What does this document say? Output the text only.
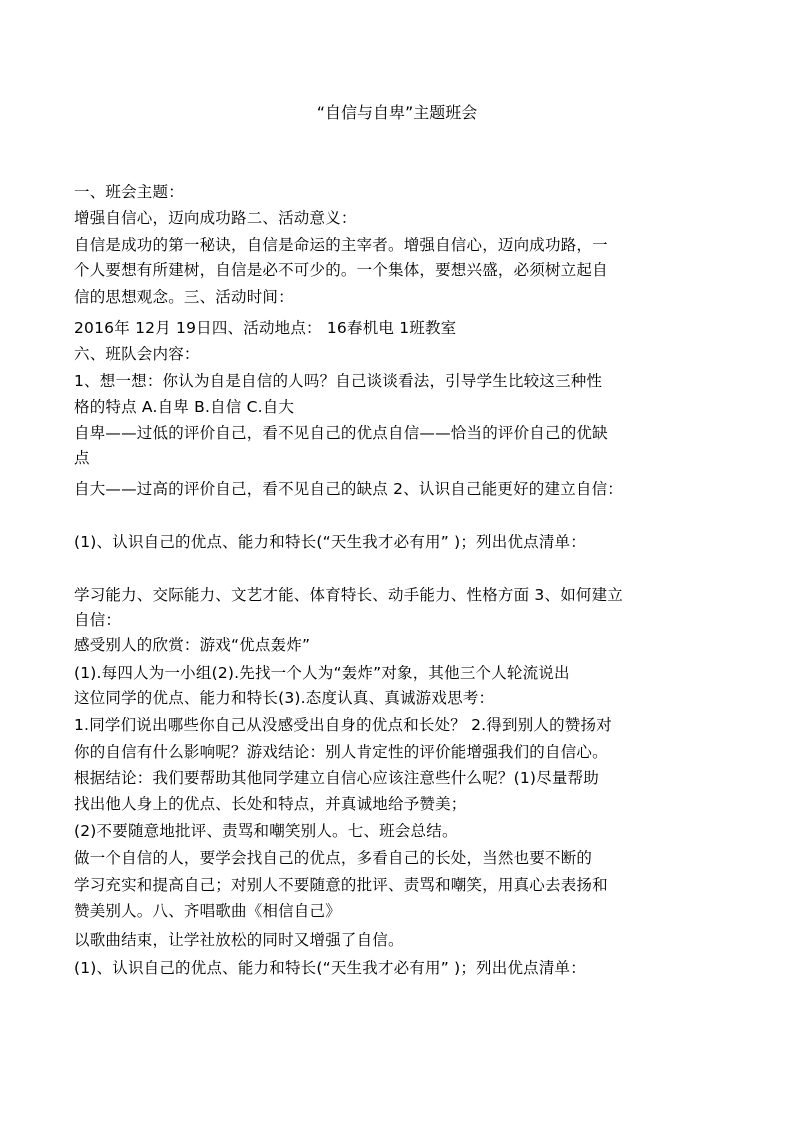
“自信与自卑”主题班会
一、班会主题：
增强自信心，迈向成功路二、活动意义：
自信是成功的第一秘诀，自信是命运的主宰者。增强自信心，迈向成功路，一
个人要想有所建树，自信是必不可少的。一个集体，要想兴盛，必须树立起自
信的思想观念。三、活动时间：
2016年 12月 19日四、活动地点： 16春机电 1班教室
六、班队会内容：
1、想一想：你认为自是自信的人吗？自己谈谈看法，引导学生比较这三种性
格的特点 A.自卑 B.自信 C.自大
自卑——过低的评价自己，看不见自己的优点自信——恰当的评价自己的优缺
点
自大——过高的评价自己，看不见自己的缺点 2、认识自己能更好的建立自信：
(1)、认识自己的优点、能力和特长(“天生我才必有用” )；列出优点清单：
学习能力、交际能力、文艺才能、体育特长、动手能力、性格方面 3、如何建立
自信：
感受别人的欣赏：游戏“优点轰炸”
(1).每四人为一小组(2).先找一个人为“轰炸”对象，其他三个人轮流说出
这位同学的优点、能力和特长(3).态度认真、真诚游戏思考：
1.同学们说出哪些你自己从没感受出自身的优点和长处？ 2.得到别人的赞扬对
你的自信有什么影响呢？游戏结论：别人肯定性的评价能增强我们的自信心。
根据结论：我们要帮助其他同学建立自信心应该注意些什么呢？(1)尽量帮助
找出他人身上的优点、长处和特点，并真诚地给予赞美；
(2)不要随意地批评、责骂和嘲笑别人。七、班会总结。
做一个自信的人，要学会找自己的优点，多看自己的长处，当然也要不断的
学习充实和提高自己；对别人不要随意的批评、责骂和嘲笑，用真心去表扬和
赞美别人。八、齐唱歌曲《相信自己》
以歌曲结束，让学社放松的同时又增强了自信。
(1)、认识自己的优点、能力和特长(“天生我才必有用” )；列出优点清单：
